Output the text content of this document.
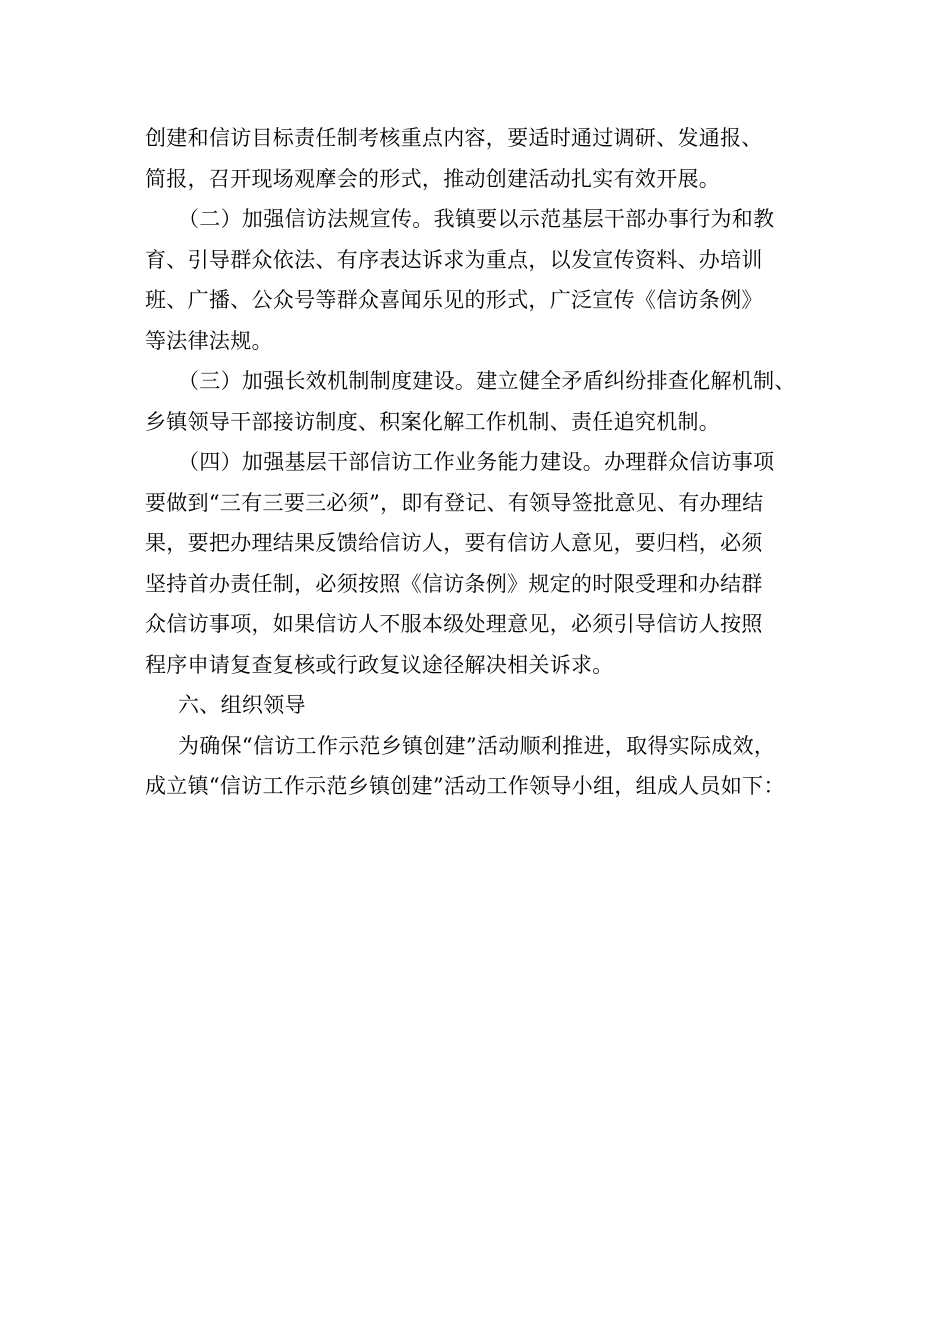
创建和信访目标责任制考核重点内容，要适时通过调研、发通报、
简报，召开现场观摩会的形式，推动创建活动扎实有效开展。
（二）加强信访法规宣传。我镇要以示范基层干部办事行为和教
育、引导群众依法、有序表达诉求为重点，以发宣传资料、办培训
班、广播、公众号等群众喜闻乐见的形式，广泛宣传《信访条例》
等法律法规。
（三）加强长效机制制度建设。建立健全矛盾纠纷排查化解机制、
乡镇领导干部接访制度、积案化解工作机制、责任追究机制。
（四）加强基层干部信访工作业务能力建设。办理群众信访事项
要做到“三有三要三必须”，即有登记、有领导签批意见、有办理结
果，要把办理结果反馈给信访人，要有信访人意见，要归档，必须
坚持首办责任制，必须按照《信访条例》规定的时限受理和办结群
众信访事项，如果信访人不服本级处理意见，必须引导信访人按照
程序申请复查复核或行政复议途径解决相关诉求。
六、组织领导
为确保“信访工作示范乡镇创建”活动顺利推进，取得实际成效，
成立镇“信访工作示范乡镇创建”活动工作领导小组，组成人员如下：
